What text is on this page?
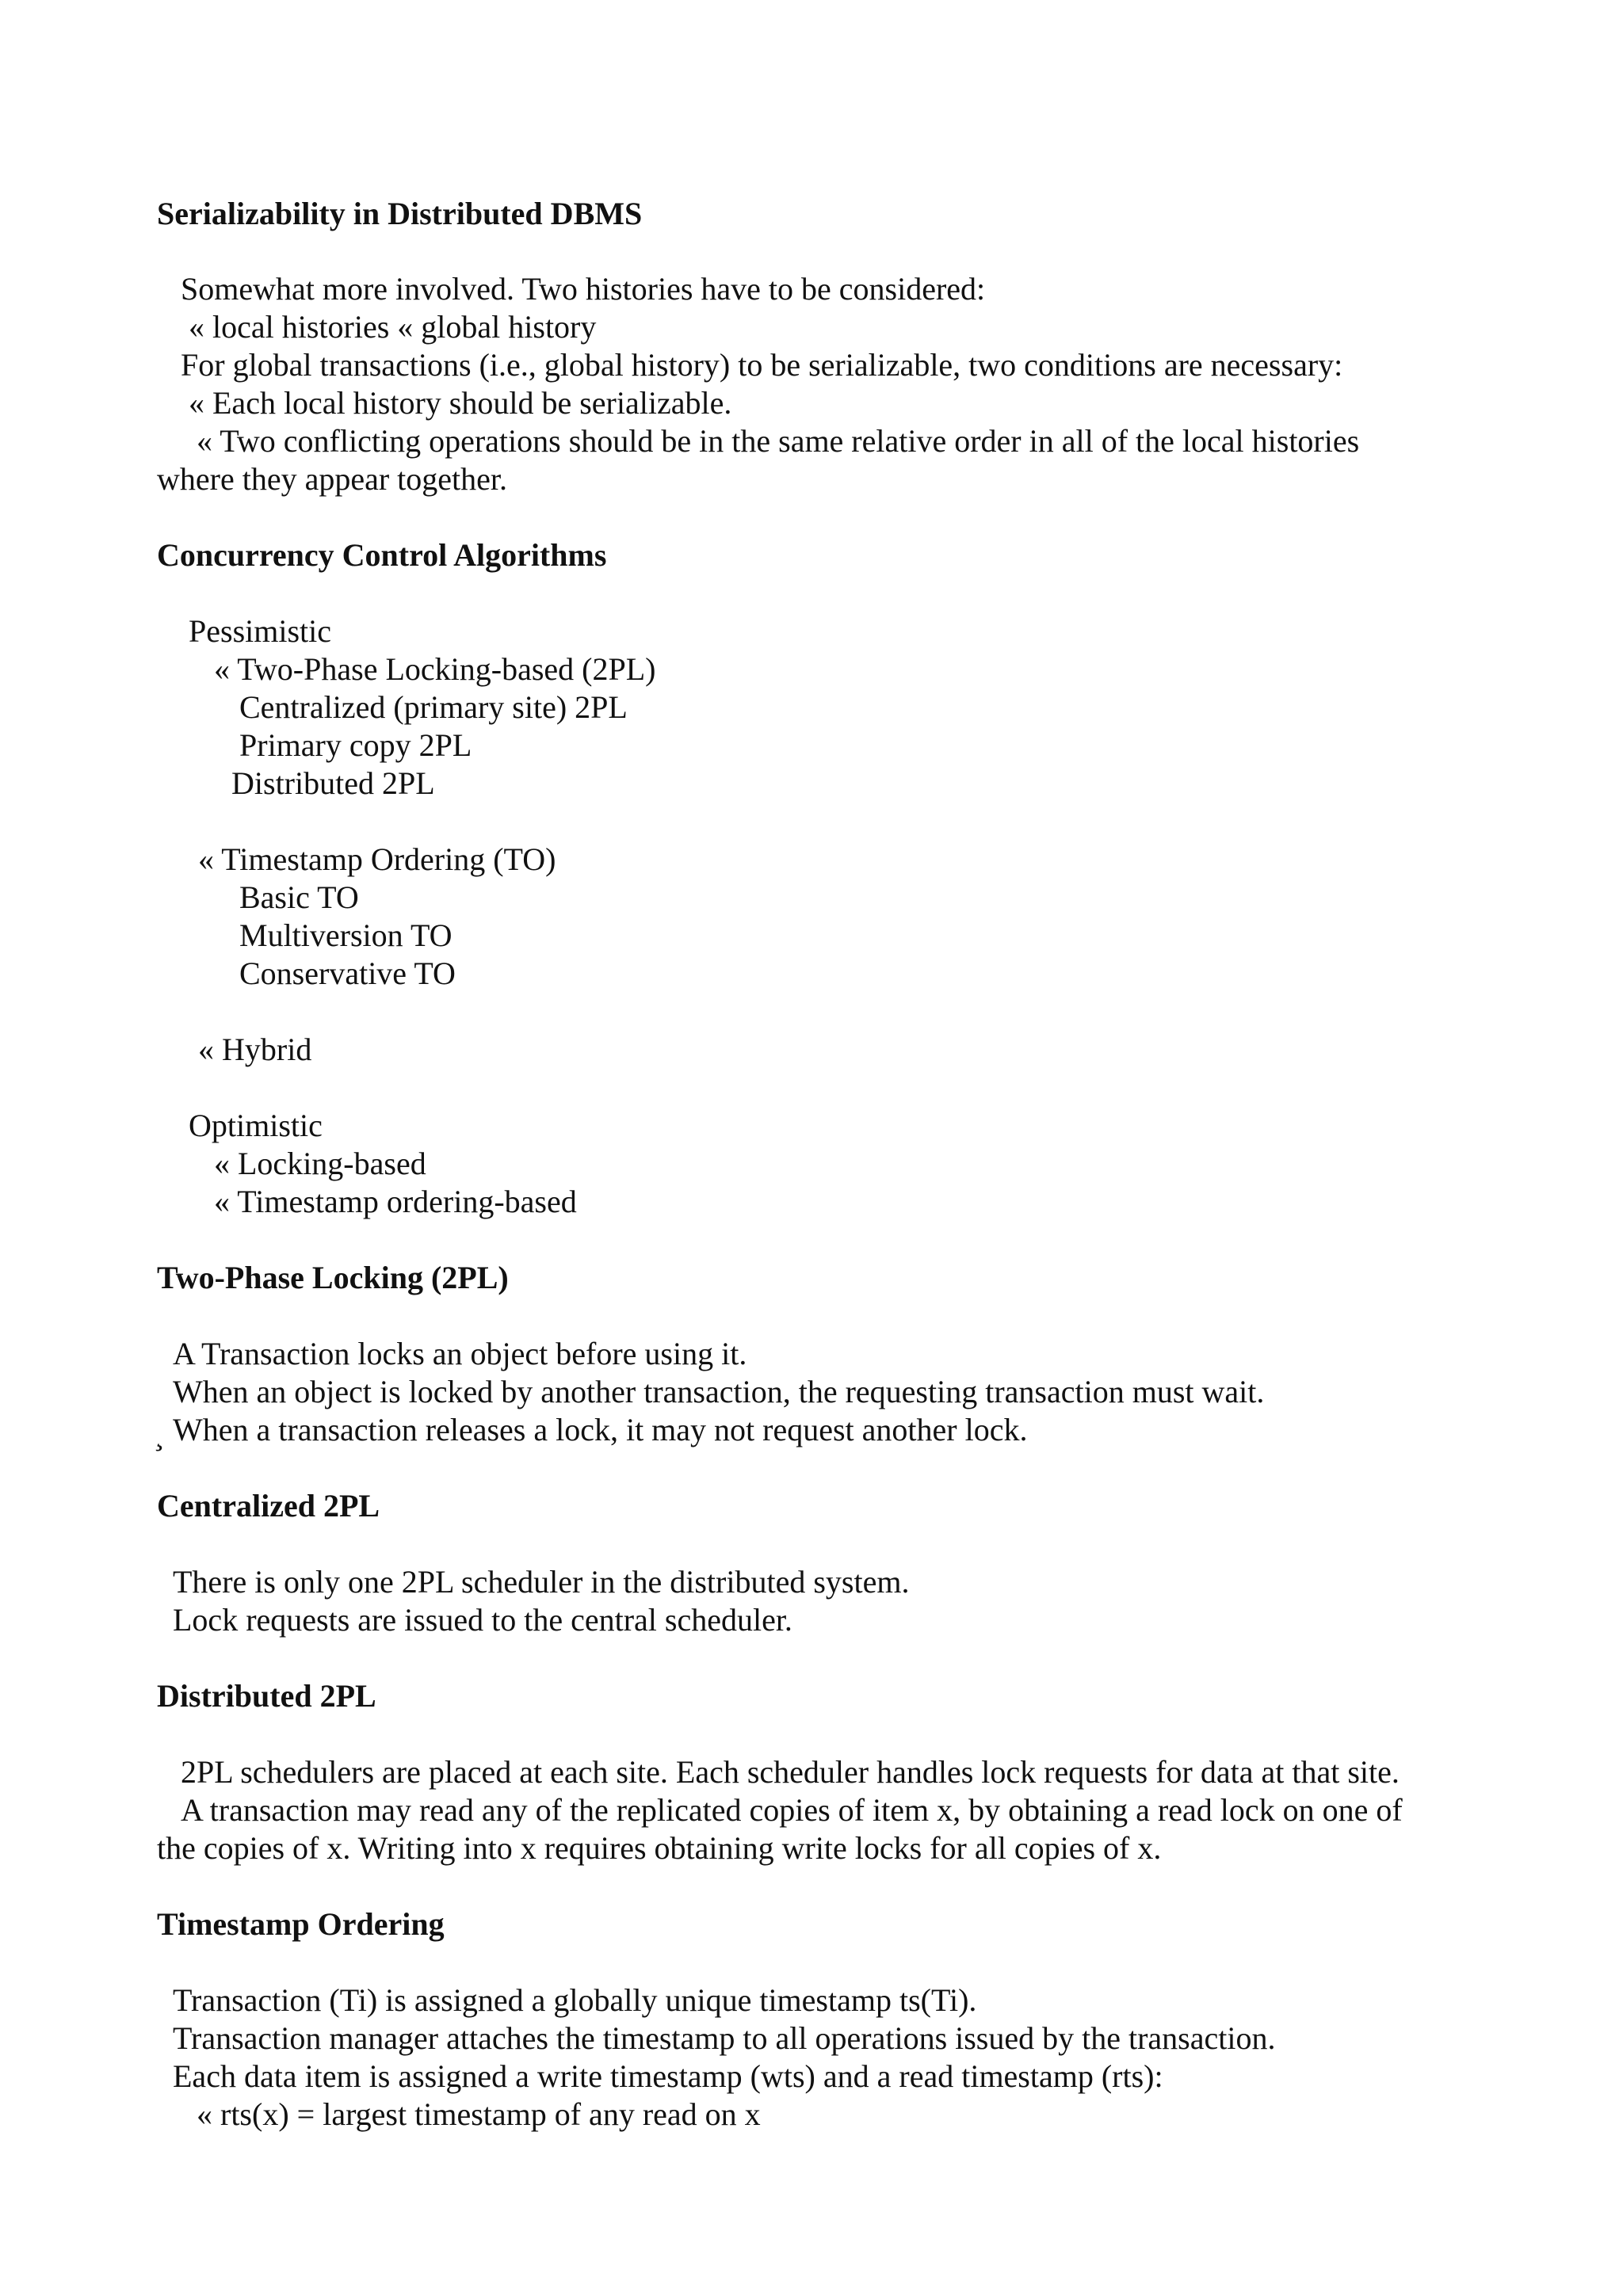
Serializability in Distributed DBMS
Somewhat more involved. Two histories have to be considered:
« local histories « global history
For global transactions (i.e., global history) to be serializable, two conditions are necessary:
« Each local history should be serializable.
« Two conflicting operations should be in the same relative order in all of the local histories
where they appear together.
Concurrency Control Algorithms
Pessimistic
« Two-Phase Locking-based (2PL)
Centralized (primary site) 2PL
Primary copy 2PL
Distributed 2PL
« Timestamp Ordering (TO)
Basic TO
Multiversion TO
Conservative TO
« Hybrid
Optimistic
« Locking-based
« Timestamp ordering-based
Two-Phase Locking (2PL)
A Transaction locks an object before using it.
When an object is locked by another transaction, the requesting transaction must wait.
¸ When a transaction releases a lock, it may not request another lock.
Centralized 2PL
There is only one 2PL scheduler in the distributed system.
Lock requests are issued to the central scheduler.
Distributed 2PL
2PL schedulers are placed at each site. Each scheduler handles lock requests for data at that site.
A transaction may read any of the replicated copies of item x, by obtaining a read lock on one of
the copies of x. Writing into x requires obtaining write locks for all copies of x.
Timestamp Ordering
Transaction (Ti) is assigned a globally unique timestamp ts(Ti).
Transaction manager attaches the timestamp to all operations issued by the transaction.
Each data item is assigned a write timestamp (wts) and a read timestamp (rts):
« rts(x) = largest timestamp of any read on x
